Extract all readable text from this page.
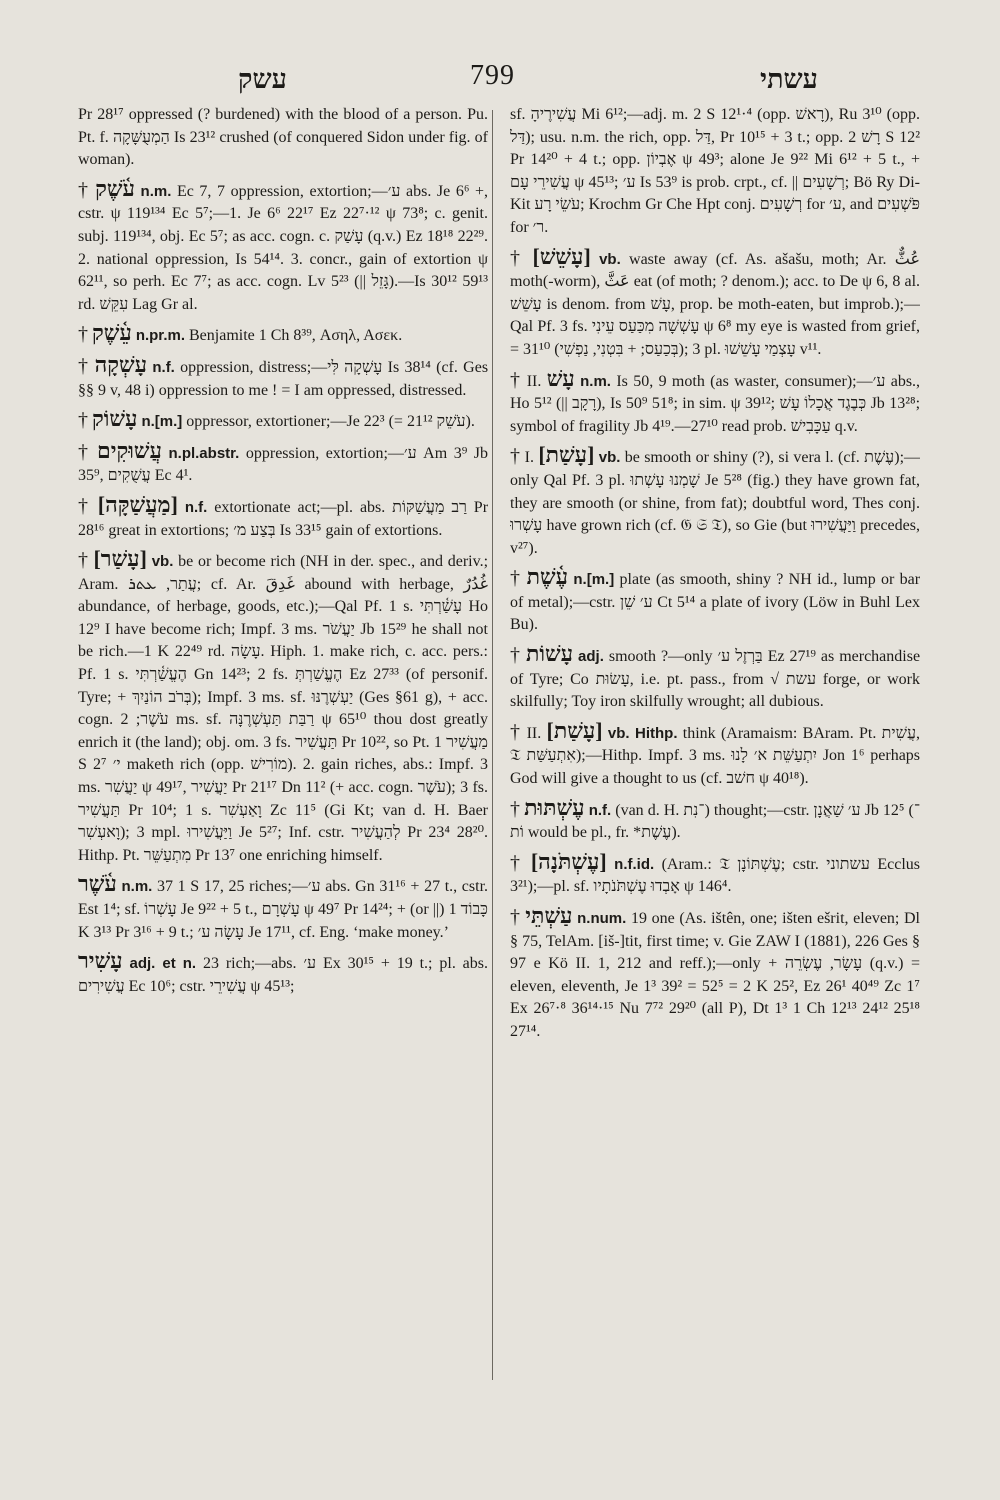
עשק	799	עשתי

Pr 28¹⁷ oppressed (? burdened) with the blood of a person. Pu. Pt. f. הַמְעֻשָּׁקָה Is 23¹² crushed (of conquered Sidon under fig. of woman).

† עֹ֫שֶׁק n.m. Ec 7, 7 oppression, extortion;—ע׳ abs. Je 6⁶ +, cstr. ψ 119¹³⁴ Ec 5⁷;—1. Je 6⁶ 22¹⁷ Ez 22⁷·¹² ψ 73⁸; c. genit. subj. 119¹³⁴, obj. Ec 5⁷; as acc. cogn. c. עָשַׁק (q.v.) Ez 18¹⁸ 22²⁹. 2. national oppression, Is 54¹⁴. 3. concr., gain of extortion ψ 62¹¹, so perh. Ec 7⁷; as acc. cogn. Lv 5²³ (|| גָּזֵל).—Is 30¹² 59¹³ rd. עִקֵּשׁ Lag Gr al.

† עֵ֫שֶׁק n.pr.m. Benjamite 1 Ch 8³⁹, Ασηλ, Ασεκ.

† עָשְׁקָה n.f. oppression, distress;—עָשְׁקָה לִּי Is 38¹⁴ (cf. Ges §§ 9 v, 48 i) oppression to me ! = I am oppressed, distressed.

† עָשׁוֹק n.[m.] oppressor, extortioner;—Je 22³ (= עֹשֵׁק 21¹²).

† עֲשׁוּקִים n.pl.abstr. oppression, extortion;—ע׳ Am 3⁹ Jb 35⁹, עֲשֻׁקִים Ec 4¹.

† [מַעֲשַׁקָּה] n.f. extortionate act;—pl. abs. רַב מַעֲשַׁקּוֹת Pr 28¹⁶ great in extortions; בְּצַע מ׳ Is 33¹⁵ gain of extortions.

† [עָשַׁר] vb. be or become rich (NH in der. spec., and deriv.; Aram. עֲתַר, ܥܬܪ; cf. Ar. غَدِقَ abound with herbage, غُدُرٌ abundance, of herbage, goods, etc.);—Qal Pf. 1 s. עָשַׁ֫רְתִּי Ho 12⁹ I have become rich; Impf. 3 ms. יַעֲשֹׁר Jb 15²⁹ he shall not be rich.—1 K 22⁴⁹ rd. עָשָׂה. Hiph. 1. make rich, c. acc. pers.: Pf. 1 s. הֶעֱשַׁ֫רְתִּי Gn 14²³; 2 fs. הֶעֱשַׁרְתְּ Ez 27³³ (of personif. Tyre; + בְּרֹב הוֹנַיִךְ); Impf. 3 ms. sf. יַעְשְׁרֶנּוּ (Ges §61 g), + acc. cogn. עֹשֶׁר; 2 ms. sf. רַבַּת תַּעְשְׁרֶנָּה ψ 65¹⁰ thou dost greatly enrich it (the land); obj. om. 3 fs. תַּעֲשִׁיר Pr 10²², so Pt. מַעֲשִׁיר 1 S 2⁷ י׳ maketh rich (opp. מוֹרִישׁ). 2. gain riches, abs.: Impf. 3 ms. יַעֲשִׁר ψ 49¹⁷, יַעֲשִׁיר Pr 21¹⁷ Dn 11² (+ acc. cogn. עֹשֶׁר); 3 fs. תַּעֲשִׁיר Pr 10⁴; 1 s. וָאַעְשִׁר Zc 11⁵ (Gi Kt; van d. H. Baer וָאעְשִׁר); 3 mpl. וַיַּעֲשִׁירוּ Je 5²⁷; Inf. cstr. לְהַעֲשִׁיר Pr 23⁴ 28²⁰. Hithp. Pt. מִתְעַשֵּׁר Pr 13⁷ one enriching himself.

עֹ֫שֶׁר n.m. 37 1 S 17, 25 riches;—ע׳ abs. Gn 31¹⁶ + 27 t., cstr. Est 1⁴; sf. עָשְׁרוֹ Je 9²² + 5 t., עָשְׁרָם ψ 49⁷ Pr 14²⁴; + (or ||) כָּבוֹד 1 K 3¹³ Pr 3¹⁶ + 9 t.; עָשָׂה ע׳ Je 17¹¹, cf. Eng. ‘make money.’

עָשִׁיר adj. et n. 23 rich;—abs. ע׳ Ex 30¹⁵ + 19 t.; pl. abs. עֲשִׁירִים Ec 10⁶; cstr. עֲשִׁירֵי ψ 45¹³;

sf. עֲשִׁירֶיהָ Mi 6¹²;—adj. m. 2 S 12¹·⁴ (opp. רָאשׁ), Ru 3¹⁰ (opp. דַּל); usu. n.m. the rich, opp. דַּל, Pr 10¹⁵ + 3 t.; opp. רָשׁ 2 S 12² Pr 14²⁰ + 4 t.; opp. אֶבְיוֹן ψ 49³; alone Je 9²² Mi 6¹² + 5 t., + עֲשִׁירֵי עָם ψ 45¹³; ע׳ Is 53⁹ is prob. crpt., cf. || רְשָׁעִים; Bö Ry Di-Kit עֹשֵׂי רָע; Krochm Gr Che Hpt conj. רְשָׁעִים for ע׳, and פֹּשְׁעִים for ר׳.

† [עָשֵׁשׁ] vb. waste away (cf. As. ašašu, moth; Ar. عُثٌّ moth(-worm), عَثَّ eat (of moth; ? denom.); acc. to De ψ 6, 8 al. עָשֵׁשׁ is denom. from עָשׁ, prop. be moth-eaten, but improb.);—Qal Pf. 3 fs. עָשְׁשָׁה מִכַּעַס עֵינִי ψ 6⁸ my eye is wasted from grief, = 31¹⁰ (בְּכַעַס; + בִּטְנִי, נַפְשִׁי); 3 pl. עָצְמַי עָשֵׁשׁוּ v¹¹.

† II. עָשׁ n.m. Is 50, 9 moth (as waster, consumer);—ע׳ abs., Ho 5¹² (|| רָקָב), Is 50⁹ 51⁸; in sim. ψ 39¹²; כְּבֶגֶד אֲכָלוֹ עָשׁ Jb 13²⁸; symbol of fragility Jb 4¹⁹.—27¹⁰ read prob. עַכָּבִישׁ q.v.

† I. [עָשַׁת] vb. be smooth or shiny (?), si vera l. (cf. עֶשֶׁת);—only Qal Pf. 3 pl. שָׁמְנוּ עָשְׁתוּ Je 5²⁸ (fig.) they have grown fat, they are smooth (or shine, from fat); doubtful word, Thes conj. עָשְׁרוּ have grown rich (cf. 𝔊 𝔖 𝔗), so Gie (but וַיַּעֲשִׁירוּ precedes, v²⁷).

† עֶ֫שֶׁת n.[m.] plate (as smooth, shiny ? NH id., lump or bar of metal);—cstr. ע׳ שֵׁן Ct 5¹⁴ a plate of ivory (Löw in Buhl Lex Bu).

† עָשׁוֹת adj. smooth ?—only בַּרְזֶל ע׳ Ez 27¹⁹ as merchandise of Tyre; Co עָשׂוּת, i.e. pt. pass., from √ עשת forge, or work skilfully; Toy iron skilfully wrought; all dubious.

† II. [עָשַׁת] vb. Hithp. think (Aramaism: BAram. Pt. עֲשִׁית, 𝔗 אִתְעַשַּׁת);—Hithp. Impf. 3 ms. יִתְעַשֵּׁת א׳ לָנוּ Jon 1⁶ perhaps God will give a thought to us (cf. חשׁב ψ 40¹⁸).

† עֶשְׁתּוּת n.f. (van d. H. ־נִת) thought;—cstr. ע׳ שַׁאֲנָן Jb 12⁵ (־וֹת would be pl., fr. *עֶשֶׁת).

† [עֶשְׁתֹּנָה] n.f.id. (Aram.: 𝔗 עֶשְׁתּוֹנָן; cstr. עשתוני Ecclus 3²¹);—pl. sf. אָבְדוּ עֶשְׁתֹּנֹתָיו ψ 146⁴.

† עַשְׁתֵּי n.num. 19 one (As. ištên, one; išten ešrit, eleven; Dl § 75, TelAm. [iš-]tit, first time; v. Gie ZAW I (1881), 226 Ges § 97 e Kö II. 1, 212 and reff.);—only + עָשָׂר, עֶשְׂרֵה (q.v.) = eleven, eleventh, Je 1³ 39² = 52⁵ = 2 K 25², Ez 26¹ 40⁴⁹ Zc 1⁷ Ex 26⁷·⁸ 36¹⁴·¹⁵ Nu 7⁷² 29²⁰ (all P), Dt 1³ 1 Ch 12¹³ 24¹² 25¹⁸ 27¹⁴.
